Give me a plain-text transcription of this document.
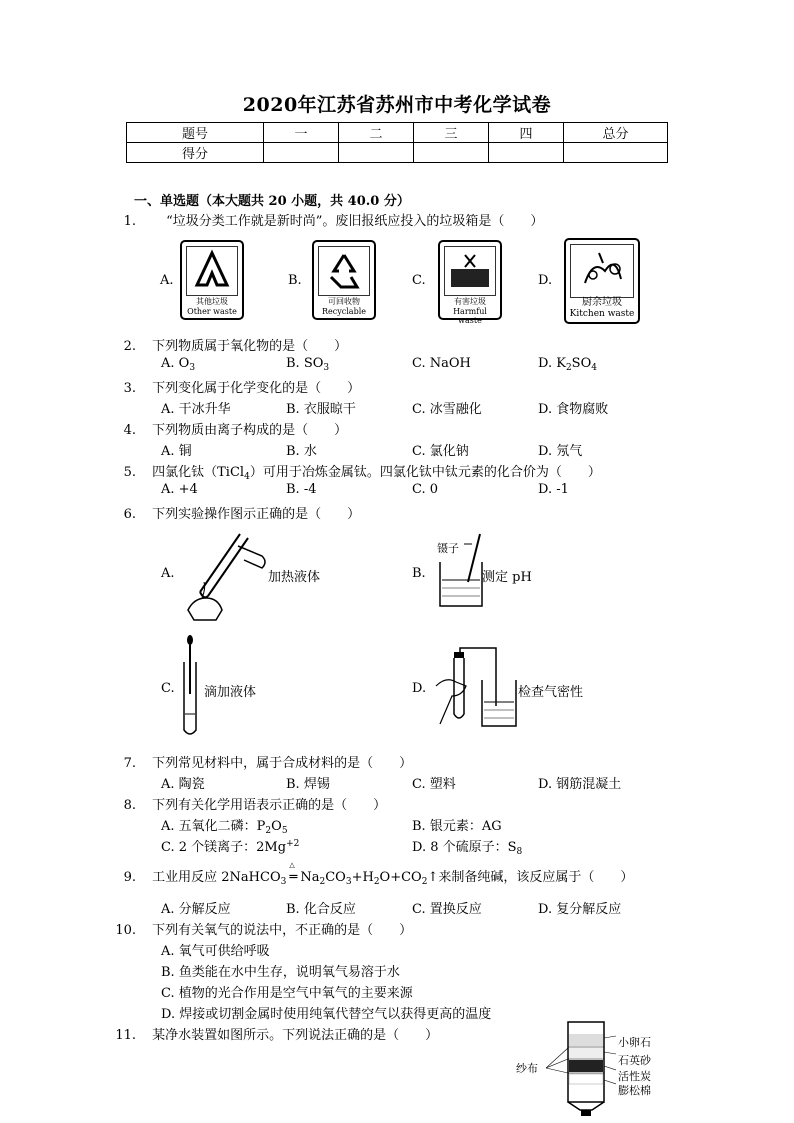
2020年江苏省苏州市中考化学试卷
题号	一	二	三	四	总分
得分					
一、单选题（本大题共 20 小题，共 40.0 分）
1. “垃圾分类工作就是新时尚”。废旧报纸应投入的垃圾箱是（　　）
A.
其他垃圾
Other waste
B.
可回收物
Recyclable
C.
有害垃圾
Harmful waste
D.
厨余垃圾
Kitchen waste
2. 下列物质属于氧化物的是（　　）
A. $O_3$	B. $SO_3$	C. NaOH	D. $K_2SO_4$
3. 下列变化属于化学变化的是（　　）
A. 干冰升华	B. 衣服晾干	C. 冰雪融化	D. 食物腐败
4. 下列物质由离子构成的是（　　）
A. 铜	B. 水	C. 氯化钠	D. 氖气
5. 四氯化钛（TiCl$_4$）可用于冶炼金属钛。四氯化钛中钛元素的化合价为（　　）
A. +4	B. -4	C. 0	D. -1
6. 下列实验操作图示正确的是（　　）
A.	加热液体	B.
镊子
测定 pH
C. 滴加液体	D.	检查气密性
7. 下列常见材料中，属于合成材料的是（　　）
A. 陶瓷	B. 焊锡	C. 塑料	D. 钢筋混凝土
8. 下列有关化学用语表示正确的是（　　）
A. 五氧化二磷：$P_2O_5$	B. 银元素：AG
C. 2 个镁离子：$2Mg^{+2}$	D. 8 个硫原子：$S_8$
9. 工业用反应 2NaHCO$_3$
△
═ $Na_2CO_3+H_2O+CO_2↑$来制备纯碱，该反应属于（　　）
A. 分解反应	B. 化合反应	C. 置换反应	D. 复分解反应
10. 下列有关氧气的说法中，不正确的是（　　）
A. 氧气可供给呼吸
B. 鱼类能在水中生存，说明氧气易溶于水
C. 植物的光合作用是空气中氧气的主要来源
D. 焊接或切割金属时使用纯氧代替空气以获得更高的温度
11. 某净水装置如图所示。下列说法正确的是（　　）	小卵石
石英砂
活性炭
膨松棉
纱布
